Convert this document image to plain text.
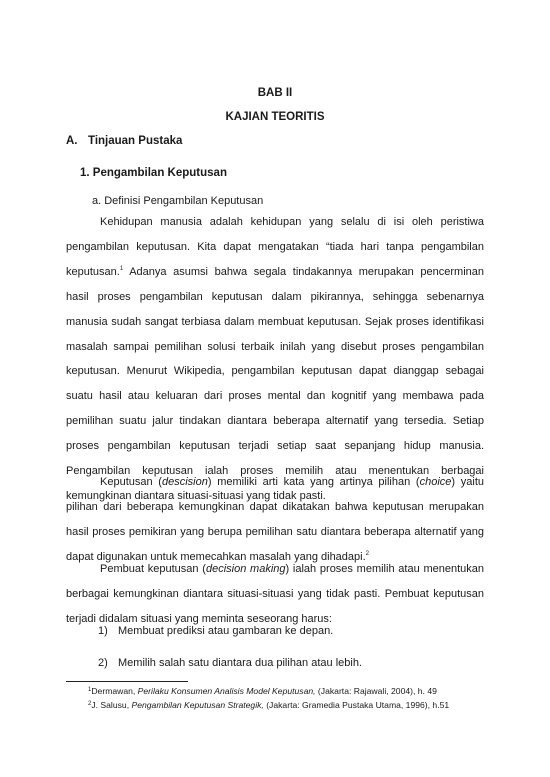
BAB II
KAJIAN TEORITIS
A. Tinjauan Pustaka
1. Pengambilan Keputusan
a. Definisi Pengambilan Keputusan

Kehidupan manusia adalah kehidupan yang selalu di isi oleh peristiwa pengambilan keputusan. Kita dapat mengatakan “tiada hari tanpa pengambilan keputusan.$^1$ Adanya asumsi bahwa segala tindakannya merupakan pencerminan hasil proses pengambilan keputusan dalam pikirannya, sehingga sebenarnya manusia sudah sangat terbiasa dalam membuat keputusan. Sejak proses identifikasi masalah sampai pemilihan solusi terbaik inilah yang disebut proses pengambilan keputusan. Menurut Wikipedia, pengambilan keputusan dapat dianggap sebagai suatu hasil atau keluaran dari proses mental dan kognitif yang membawa pada pemilihan suatu jalur tindakan diantara beberapa alternatif yang tersedia. Setiap proses pengambilan keputusan terjadi setiap saat sepanjang hidup manusia. Pengambilan keputusan ialah proses memilih atau menentukan berbagai kemungkinan diantara situasi-situasi yang tidak pasti.

Keputusan (descision) memiliki arti kata yang artinya pilihan (choice) yaitu pilihan dari beberapa kemungkinan dapat dikatakan bahwa keputusan merupakan hasil proses pemikiran yang berupa pemilihan satu diantara beberapa alternatif yang dapat digunakan untuk memecahkan masalah yang dihadapi.$^2$

Pembuat keputusan (decision making) ialah proses memilih atau menentukan berbagai kemungkinan diantara situasi-situasi yang tidak pasti. Pembuat keputusan terjadi didalam situasi yang meminta seseorang harus:

1) Membuat prediksi atau gambaran ke depan.
2) Memilih salah satu diantara dua pilihan atau lebih.
$^1$Dermawan, Perilaku Konsumen Analisis Model Keputusan, (Jakarta: Rajawali, 2004), h. 49
$^2$J. Salusu, Pengambilan Keputusan Strategik, (Jakarta: Gramedia Pustaka Utama, 1996), h.51
